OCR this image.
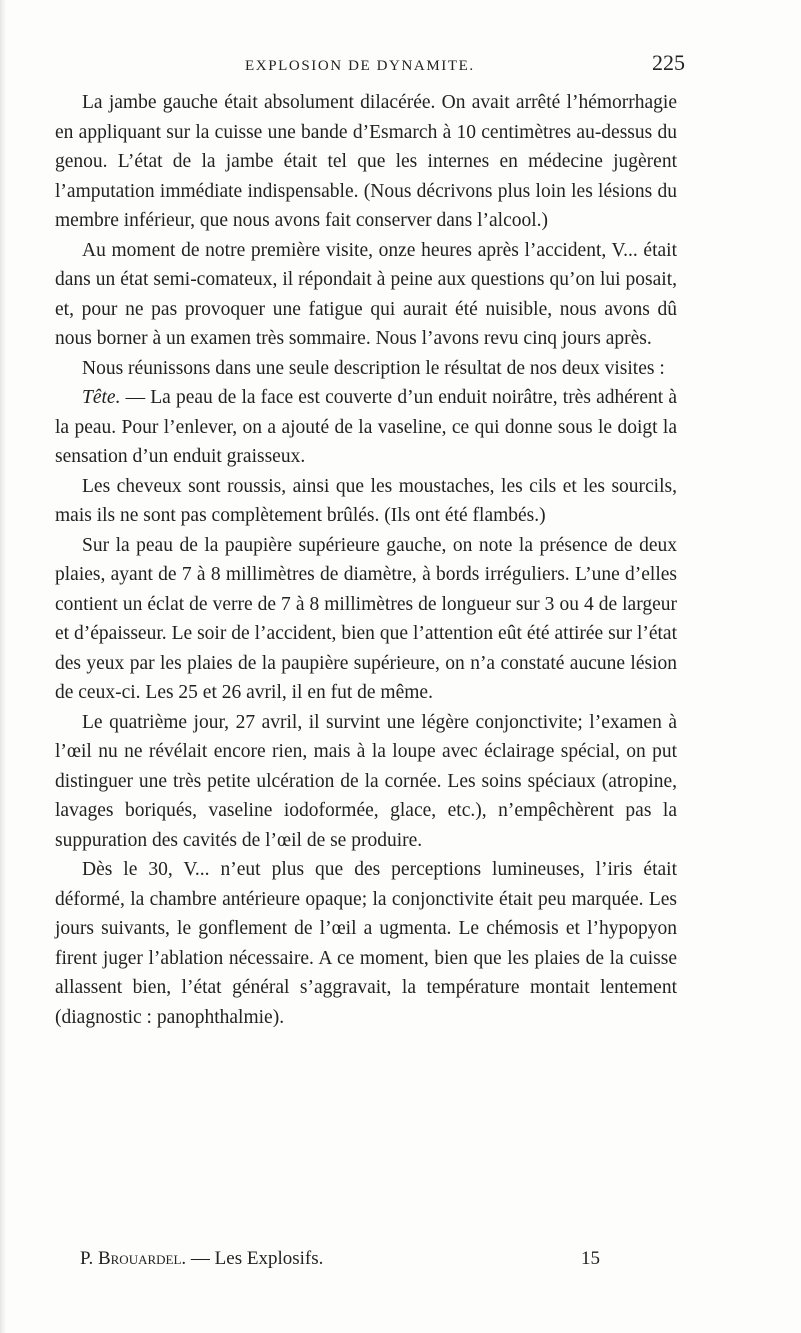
EXPLOSION DE DYNAMITE.	225

La jambe gauche était absolument dilacérée. On avait arrêté l’hémorrhagie en appliquant sur la cuisse une bande d’Esmarch à 10 centimètres au-dessus du genou. L’état de la jambe était tel que les internes en médecine jugèrent l’amputation immédiate indispensable. (Nous décrivons plus loin les lésions du membre inférieur, que nous avons fait conserver dans l’alcool.)

Au moment de notre première visite, onze heures après l’accident, V... était dans un état semi-comateux, il répondait à peine aux questions qu’on lui posait, et, pour ne pas provoquer une fatigue qui aurait été nuisible, nous avons dû nous borner à un examen très sommaire. Nous l’avons revu cinq jours après.

Nous réunissons dans une seule description le résultat de nos deux visites :

Tête. — La peau de la face est couverte d’un enduit noirâtre, très adhérent à la peau. Pour l’enlever, on a ajouté de la vaseline, ce qui donne sous le doigt la sensation d’un enduit graisseux.

Les cheveux sont roussis, ainsi que les moustaches, les cils et les sourcils, mais ils ne sont pas complètement brûlés. (Ils ont été flambés.)

Sur la peau de la paupière supérieure gauche, on note la présence de deux plaies, ayant de 7 à 8 millimètres de diamètre, à bords irréguliers. L’une d’elles contient un éclat de verre de 7 à 8 millimètres de longueur sur 3 ou 4 de largeur et d’épaisseur. Le soir de l’accident, bien que l’attention eût été attirée sur l’état des yeux par les plaies de la paupière supérieure, on n’a constaté aucune lésion de ceux-ci. Les 25 et 26 avril, il en fut de même.

Le quatrième jour, 27 avril, il survint une légère conjonctivite; l’examen à l’œil nu ne révélait encore rien, mais à la loupe avec éclairage spécial, on put distinguer une très petite ulcération de la cornée. Les soins spéciaux (atropine, lavages boriqués, vaseline iodoformée, glace, etc.), n’empêchèrent pas la suppuration des cavités de l’œil de se produire.

Dès le 30, V... n’eut plus que des perceptions lumineuses, l’iris était déformé, la chambre antérieure opaque; la conjonctivite était peu marquée. Les jours suivants, le gonflement de l’œil a ugmenta. Le chémosis et l’hypopyon firent juger l’ablation nécessaire. A ce moment, bien que les plaies de la cuisse allassent bien, l’état général s’aggravait, la température montait lentement (diagnostic : panophthalmie).

P. Brouardel. — Les Explosifs.	15
